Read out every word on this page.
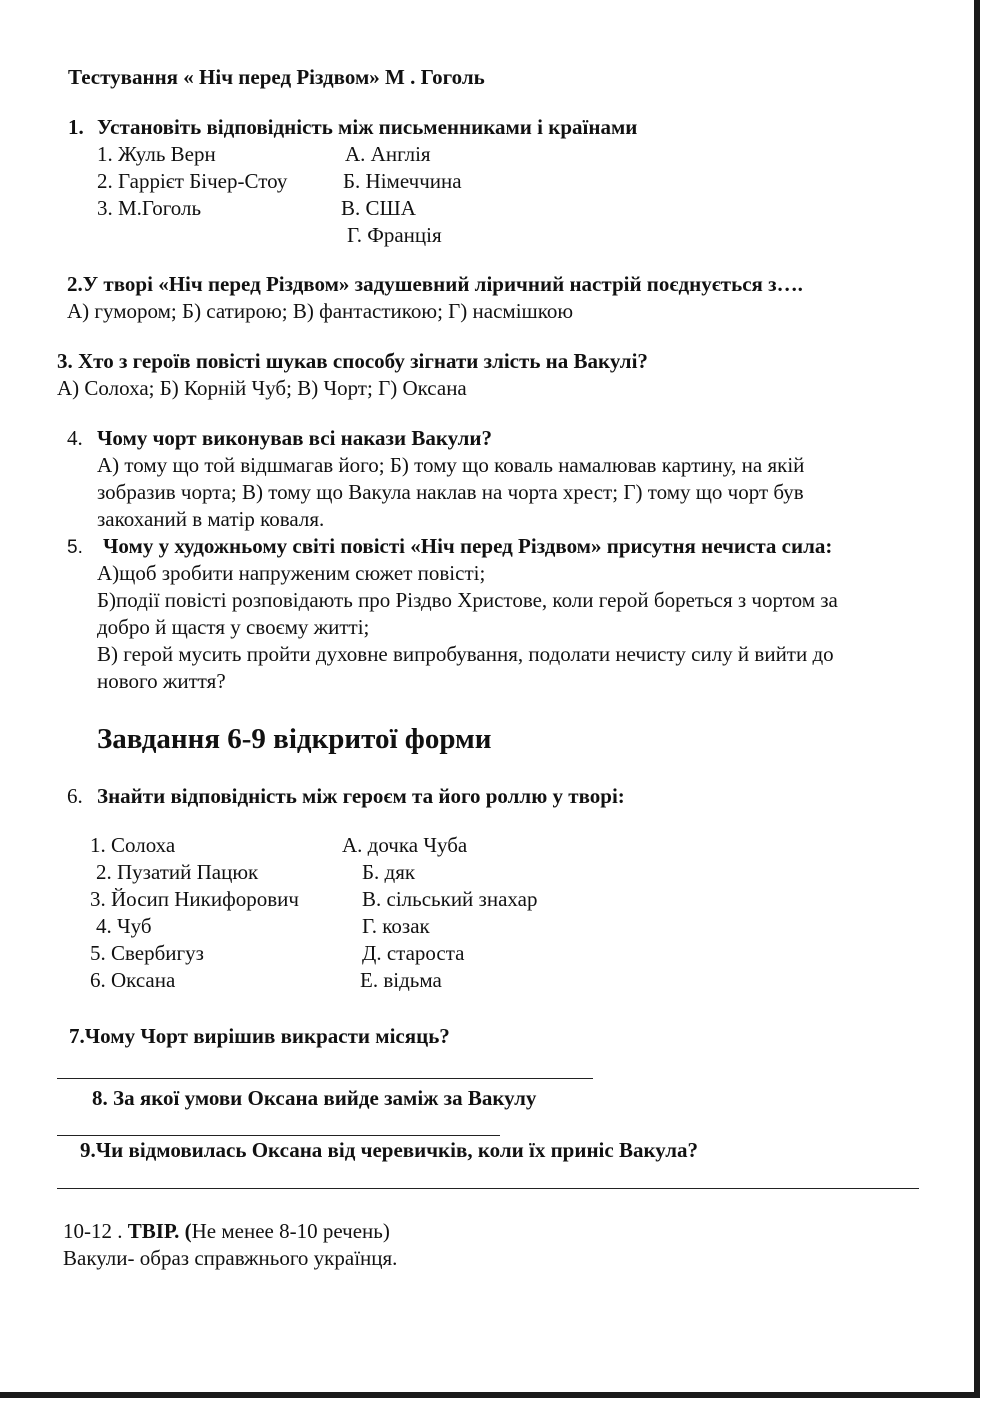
Тестування « Ніч перед Різдвом» М . Гоголь
1. Установіть відповідність між письменниками і країнами
1. Жуль Верн
2. Гаррієт Бічер-Стоу
3. М.Гоголь
А. Англія
Б. Німеччина
В. США
Г. Франція
2.У творі «Ніч перед Різдвом» задушевний ліричний настрій поєднується з….
А) гумором; Б) сатирою; В) фантастикою; Г) насмішкою
3. Хто з героїв повісті шукав способу зігнати злість на Вакулі?
А) Солоха; Б) Корній Чуб; В) Чорт; Г) Оксана
4. Чому чорт виконував всі накази Вакули?
А) тому що той відшмагав його; Б) тому що коваль намалював картину, на якій
зобразив чорта; В) тому що Вакула наклав на чорта хрест; Г) тому що чорт був
закоханий в матір коваля.
5. Чому у художньому світі повісті «Ніч перед Різдвом» присутня нечиста сила:
А)щоб зробити напруженим сюжет повісті;
Б)події повісті розповідають про Різдво Христове, коли герой бореться з чортом за
добро й щастя у своєму житті;
В) герой мусить пройти духовне випробування, подолати нечисту силу й вийти до
нового життя?
Завдання 6-9 відкритої форми
6. Знайти відповідність між героєм та його роллю у творі:
1. Солоха
2. Пузатий Пацюк
3. Йосип Никифорович
4. Чуб
5. Свербигуз
6. Оксана
А. дочка Чуба
Б. дяк
В. сільський знахар
Г. козак
Д. староста
Е. відьма
7.Чому Чорт вирішив викрасти місяць?
8. За якої умови Оксана вийде заміж за Вакулу
9.Чи відмовилась Оксана від черевичків, коли їх приніс Вакула?
10-12 . ТВІР. (Не менее 8-10 речень)
Вакули- образ справжнього українця.
